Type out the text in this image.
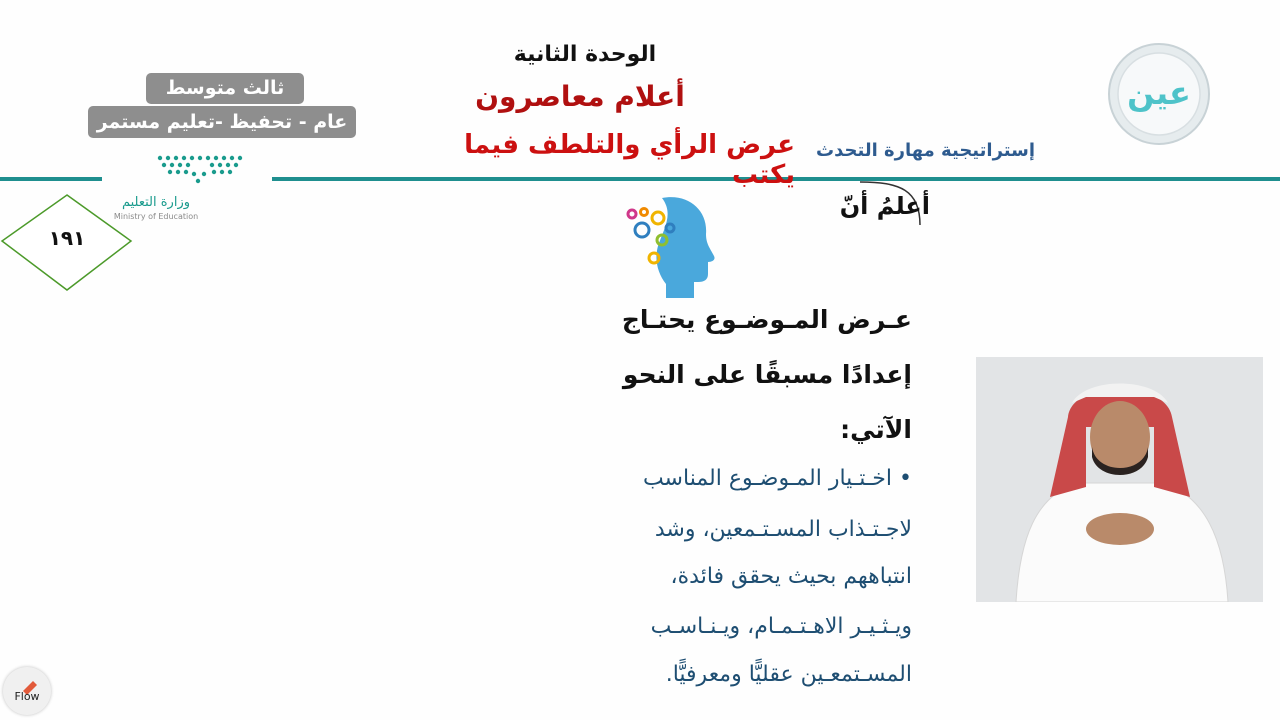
الوحدة الثانية
أعلام معاصرون
عرض الرأي والتلطف فيما يكتب
إستراتيجية مهارة التحدث
ثالث متوسط
عام - تحفيظ -تعليم مستمر
وزارة التعليم
Ministry of Education
١٩١
عين
أعلمُ أنّ
عـرض المـوضـوع يحتـاج
إعدادًا مسبقًا على النحو
الآتي:
• اخـتـيار المـوضـوع المناسب
لاجـتـذاب المسـتـمعين، وشد
انتباههم بحيث يحقق فائدة،
ويـثـيـر الاهـتـمـام، ويـنـاسـب
المسـتمعـين عقليًّا ومعرفيًّا.
Flow
